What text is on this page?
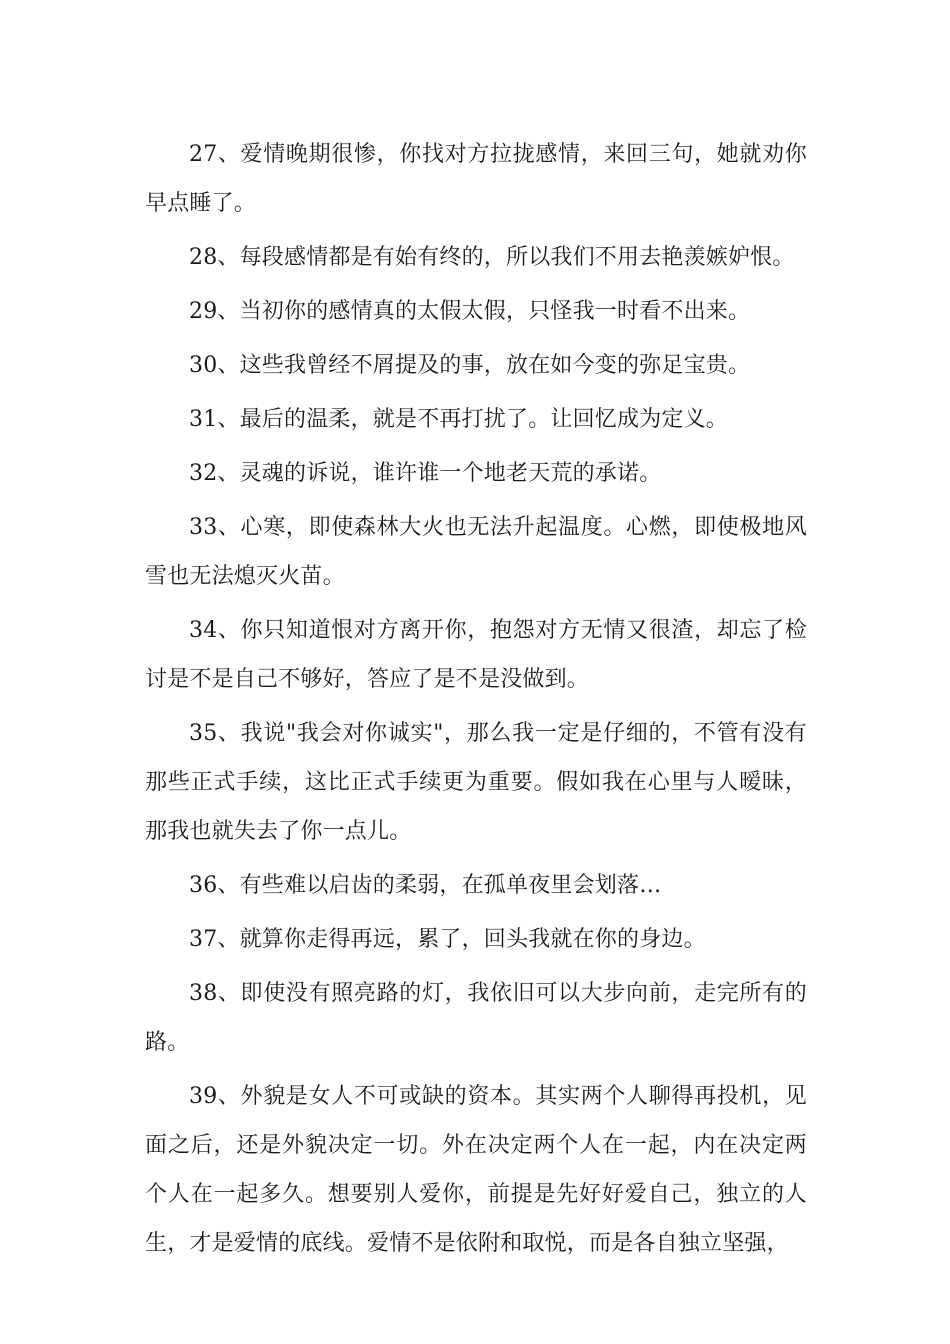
27、爱情晚期很惨，你找对方拉拢感情，来回三句，她就劝你早点睡了。

28、每段感情都是有始有终的，所以我们不用去艳羡嫉妒恨。

29、当初你的感情真的太假太假，只怪我一时看不出来。

30、这些我曾经不屑提及的事，放在如今变的弥足宝贵。

31、最后的温柔，就是不再打扰了。让回忆成为定义。

32、灵魂的诉说，谁许谁一个地老天荒的承诺。

33、心寒，即使森林大火也无法升起温度。心燃，即使极地风雪也无法熄灭火苗。

34、你只知道恨对方离开你，抱怨对方无情又很渣，却忘了检讨是不是自己不够好，答应了是不是没做到。

35、我说"我会对你诚实"，那么我一定是仔细的，不管有没有那些正式手续，这比正式手续更为重要。假如我在心里与人暧昧，那我也就失去了你一点儿。

36、有些难以启齿的柔弱，在孤单夜里会划落…

37、就算你走得再远，累了，回头我就在你的身边。

38、即使没有照亮路的灯，我依旧可以大步向前，走完所有的路。

39、外貌是女人不可或缺的资本。其实两个人聊得再投机，见面之后，还是外貌决定一切。外在决定两个人在一起，内在决定两个人在一起多久。想要别人爱你，前提是先好好爱自己，独立的人生，才是爱情的底线。爱情不是依附和取悦，而是各自独立坚强，
